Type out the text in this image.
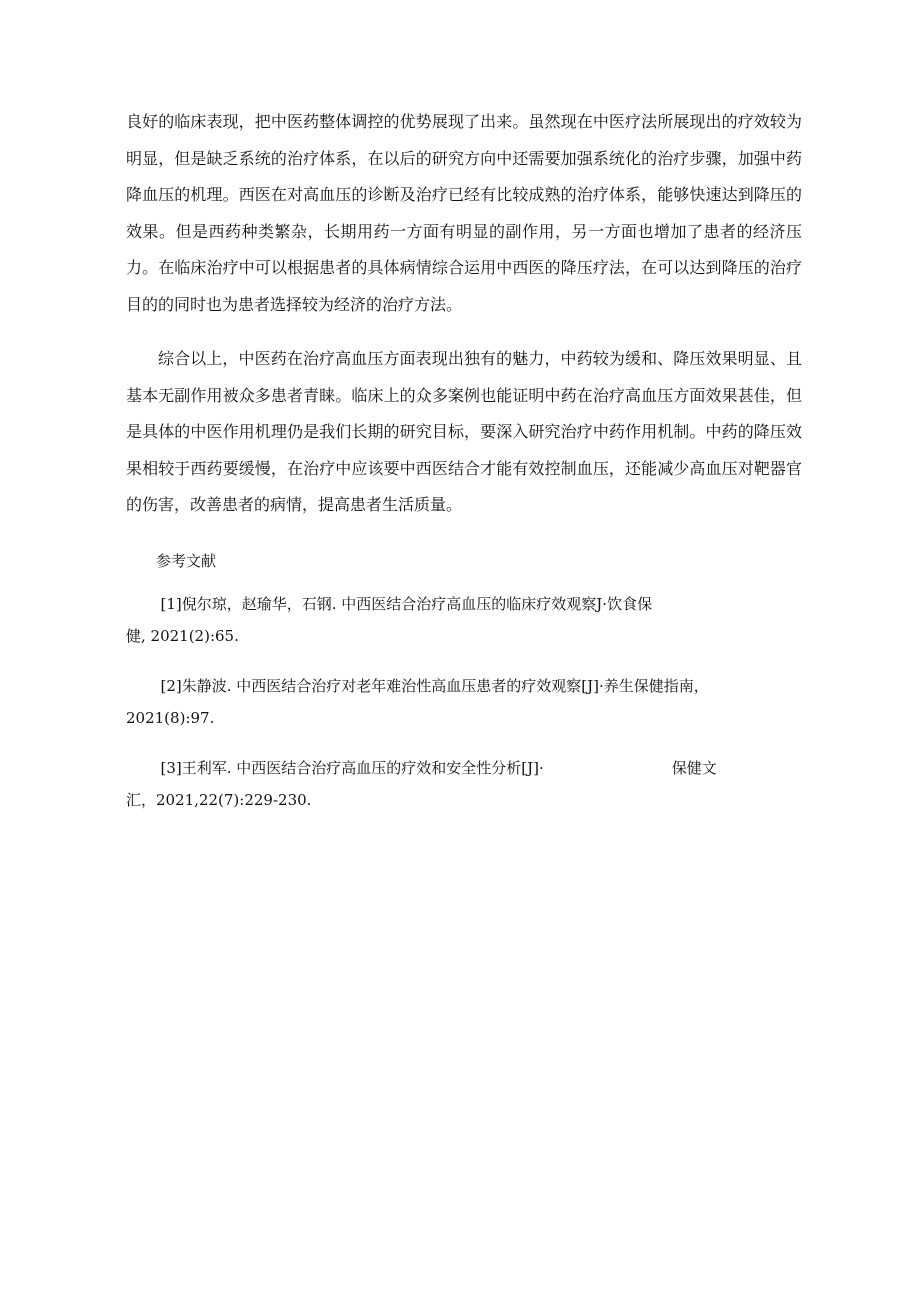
良好的临床表现，把中医药整体调控的优势展现了出来。虽然现在中医疗法所展现出的疗效较为明显，但是缺乏系统的治疗体系，在以后的研究方向中还需要加强系统化的治疗步骤，加强中药降血压的机理。西医在对高血压的诊断及治疗已经有比较成熟的治疗体系，能够快速达到降压的效果。但是西药种类繁杂，长期用药一方面有明显的副作用，另一方面也增加了患者的经济压力。在临床治疗中可以根据患者的具体病情综合运用中西医的降压疗法，在可以达到降压的治疗目的的同时也为患者选择较为经济的治疗方法。

综合以上，中医药在治疗高血压方面表现出独有的魅力，中药较为缓和、降压效果明显、且基本无副作用被众多患者青睐。临床上的众多案例也能证明中药在治疗高血压方面效果甚佳，但是具体的中医作用机理仍是我们长期的研究目标，要深入研究治疗中药作用机制。中药的降压效果相较于西药要缓慢，在治疗中应该要中西医结合才能有效控制血压，还能减少高血压对靶器官的伤害，改善患者的病情，提高患者生活质量。

参考文献

[1]倪尔琼，赵瑜华，石钢. 中西医结合治疗高血压的临床疗效观察J·饮食保
健, 2021(2):65.

[2]朱静波. 中西医结合治疗对老年难治性高血压患者的疗效观察[J]·养生保健指南，
2021(8):97.

[3]王利军. 中西医结合治疗高血压的疗效和安全性分析[J]·	保健文
汇，2021,22(7):229-230.
